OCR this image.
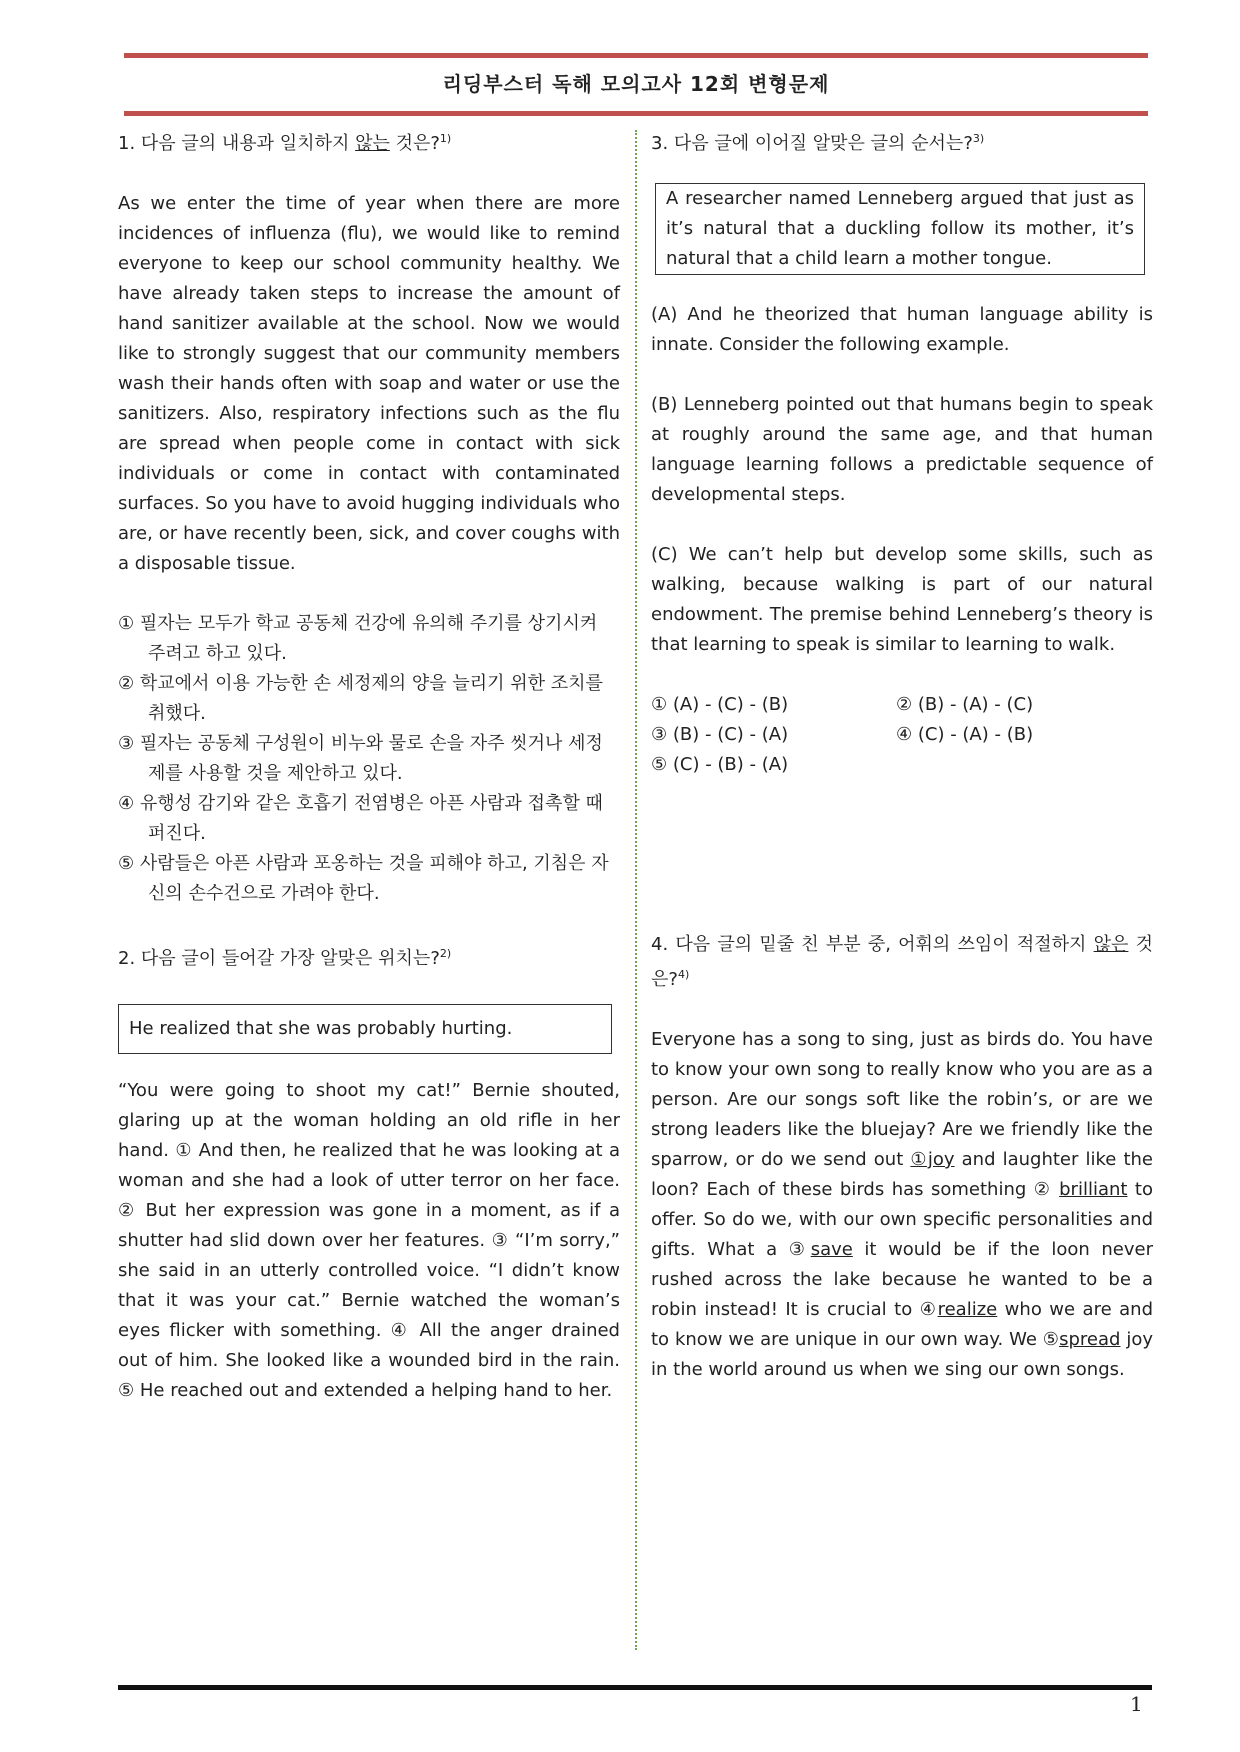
리딩부스터 독해 모의고사 12회 변형문제

1. 다음 글의 내용과 일치하지 않는 것은?$^{1)}$

As we enter the time of year when there are more incidences of influenza (flu), we would like to remind everyone to keep our school community healthy. We have already taken steps to increase the amount of hand sanitizer available at the school. Now we would like to strongly suggest that our community members wash their hands often with soap and water or use the sanitizers. Also, respiratory infections such as the flu are spread when people come in contact with sick individuals or come in contact with contaminated surfaces. So you have to avoid hugging individuals who are, or have recently been, sick, and cover coughs with a disposable tissue.

① 필자는 모두가 학교 공동체 건강에 유의해 주기를 상기시켜 주려고 하고 있다.
② 학교에서 이용 가능한 손 세정제의 양을 늘리기 위한 조치를 취했다.
③ 필자는 공동체 구성원이 비누와 물로 손을 자주 씻거나 세정제를 사용할 것을 제안하고 있다.
④ 유행성 감기와 같은 호흡기 전염병은 아픈 사람과 접촉할 때 퍼진다.
⑤ 사람들은 아픈 사람과 포옹하는 것을 피해야 하고, 기침은 자신의 손수건으로 가려야 한다.

2. 다음 글이 들어갈 가장 알맞은 위치는?$^{2)}$

He realized that she was probably hurting.

“You were going to shoot my cat!” Bernie shouted, glaring up at the woman holding an old rifle in her hand. ① And then, he realized that he was looking at a woman and she had a look of utter terror on her face. ② But her expression was gone in a moment, as if a shutter had slid down over her features. ③ “I’m sorry,” she said in an utterly controlled voice. “I didn’t know that it was your cat.” Bernie watched the woman’s eyes flicker with something. ④ All the anger drained out of him. She looked like a wounded bird in the rain. ⑤ He reached out and extended a helping hand to her.

3. 다음 글에 이어질 알맞은 글의 순서는?$^{3)}$

A researcher named Lenneberg argued that just as it’s natural that a duckling follow its mother, it’s natural that a child learn a mother tongue.

(A) And he theorized that human language ability is innate. Consider the following example.

(B) Lenneberg pointed out that humans begin to speak at roughly around the same age, and that human language learning follows a predictable sequence of developmental steps.

(C) We can’t help but develop some skills, such as walking, because walking is part of our natural endowment. The premise behind Lenneberg’s theory is that learning to speak is similar to learning to walk.

① (A) - (C) - (B)	② (B) - (A) - (C)
③ (B) - (C) - (A)	④ (C) - (A) - (B)
⑤ (C) - (B) - (A)

4. 다음 글의 밑줄 친 부분 중, 어휘의 쓰임이 적절하지 않은 것은?$^{4)}$

Everyone has a song to sing, just as birds do. You have to know your own song to really know who you are as a person. Are our songs soft like the robin’s, or are we strong leaders like the bluejay? Are we friendly like the sparrow, or do we send out ①joy and laughter like the loon? Each of these birds has something ② brilliant to offer. So do we, with our own specific personalities and gifts. What a ③save it would be if the loon never rushed across the lake because he wanted to be a robin instead! It is crucial to ④realize who we are and to know we are unique in our own way. We ⑤spread joy in the world around us when we sing our own songs.

1
